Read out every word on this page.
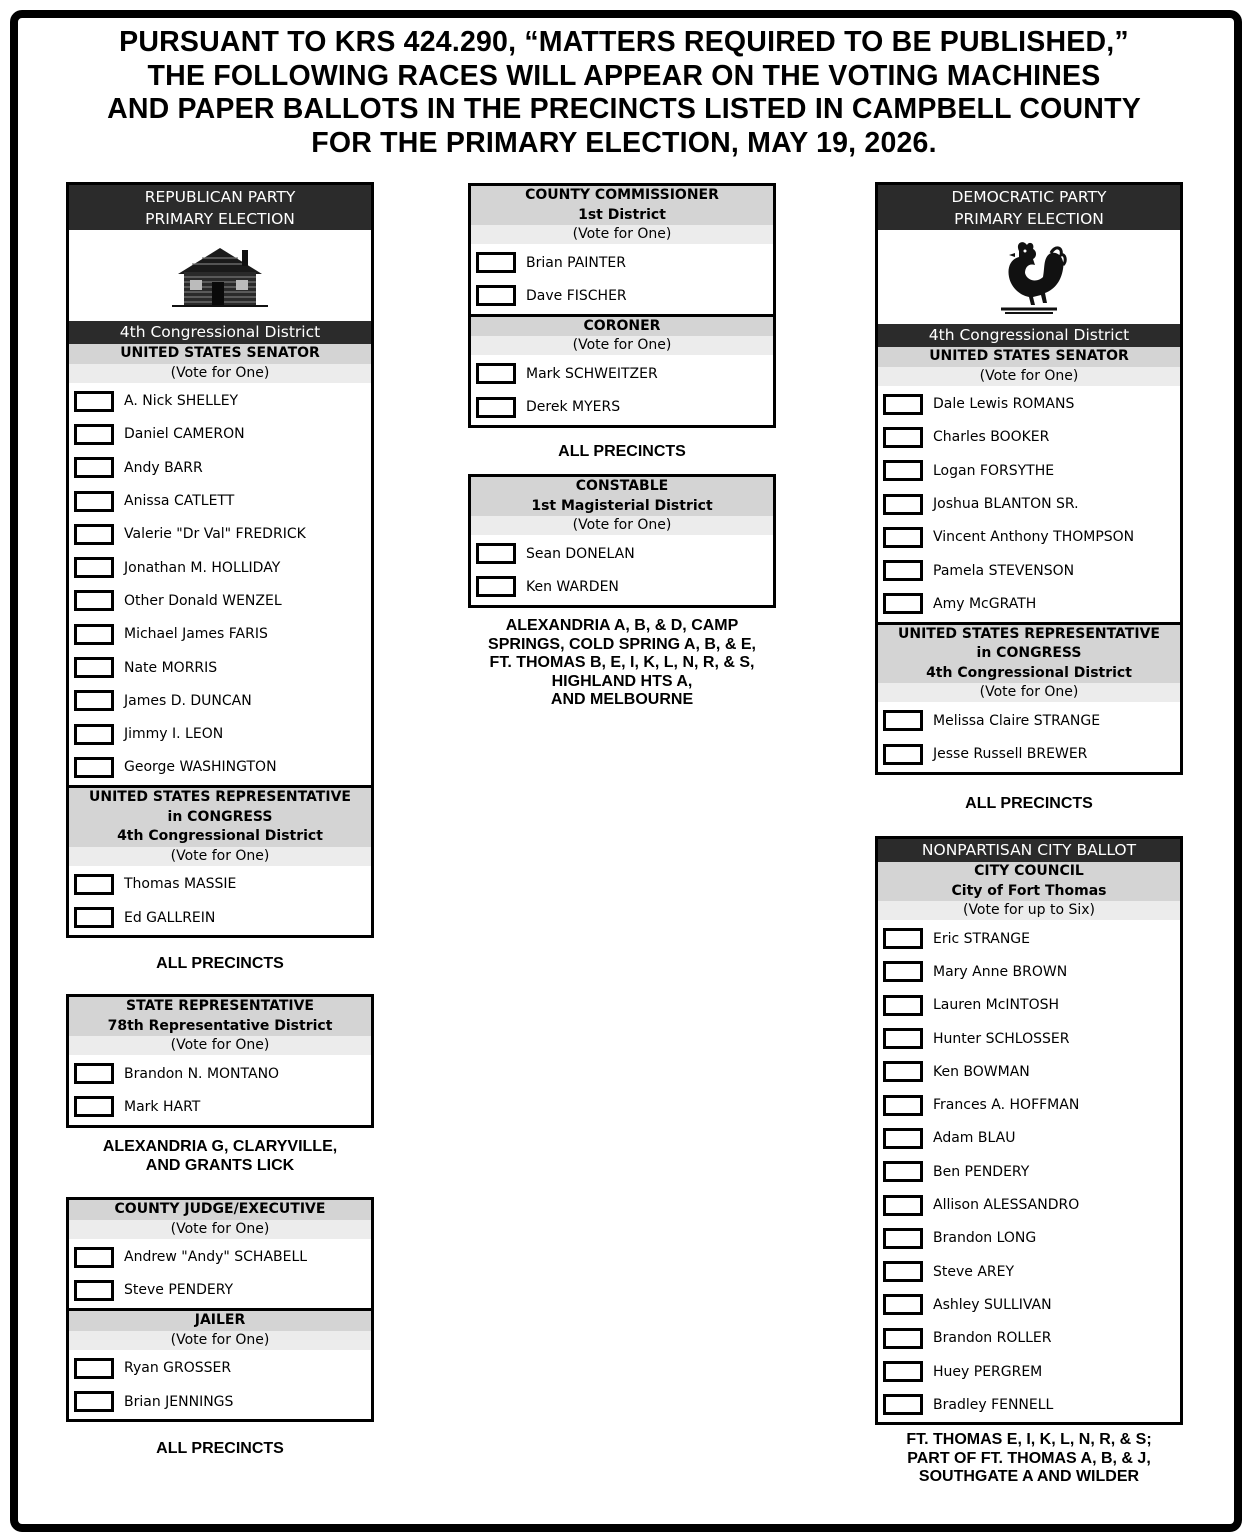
PURSUANT TO KRS 424.290, “MATTERS REQUIRED TO BE PUBLISHED,”
THE FOLLOWING RACES WILL APPEAR ON THE VOTING MACHINES
AND PAPER BALLOTS IN THE PRECINCTS LISTED IN CAMPBELL COUNTY
FOR THE PRIMARY ELECTION, MAY 19, 2026.
REPUBLICAN PARTY
PRIMARY ELECTION
4th Congressional District
UNITED STATES SENATOR
(Vote for One)
A. Nick SHELLEY
Daniel CAMERON
Andy BARR
Anissa CATLETT
Valerie "Dr Val" FREDRICK
Jonathan M. HOLLIDAY
Other Donald WENZEL
Michael James FARIS
Nate MORRIS
James D. DUNCAN
Jimmy I. LEON
George WASHINGTON
UNITED STATES REPRESENTATIVE
in CONGRESS
4th Congressional District
(Vote for One)
Thomas MASSIE
Ed GALLREIN
ALL PRECINCTS
STATE REPRESENTATIVE
78th Representative District
(Vote for One)
Brandon N. MONTANO
Mark HART
ALEXANDRIA G, CLARYVILLE,
AND GRANTS LICK
COUNTY JUDGE/EXECUTIVE
(Vote for One)
Andrew "Andy" SCHABELL
Steve PENDERY
JAILER
(Vote for One)
Ryan GROSSER
Brian JENNINGS
ALL PRECINCTS
COUNTY COMMISSIONER
1st District
(Vote for One)
Brian PAINTER
Dave FISCHER
CORONER
(Vote for One)
Mark SCHWEITZER
Derek MYERS
ALL PRECINCTS
CONSTABLE
1st Magisterial District
(Vote for One)
Sean DONELAN
Ken WARDEN
ALEXANDRIA A, B, & D, CAMP
SPRINGS, COLD SPRING A, B, & E,
FT. THOMAS B, E, I, K, L, N, R, & S,
HIGHLAND HTS A,
AND MELBOURNE
DEMOCRATIC PARTY
PRIMARY ELECTION
4th Congressional District
UNITED STATES SENATOR
(Vote for One)
Dale Lewis ROMANS
Charles BOOKER
Logan FORSYTHE
Joshua BLANTON SR.
Vincent Anthony THOMPSON
Pamela STEVENSON
Amy McGRATH
UNITED STATES REPRESENTATIVE
in CONGRESS
4th Congressional District
(Vote for One)
Melissa Claire STRANGE
Jesse Russell BREWER
ALL PRECINCTS
NONPARTISAN CITY BALLOT
CITY COUNCIL
City of Fort Thomas
(Vote for up to Six)
Eric STRANGE
Mary Anne BROWN
Lauren McINTOSH
Hunter SCHLOSSER
Ken BOWMAN
Frances A. HOFFMAN
Adam BLAU
Ben PENDERY
Allison ALESSANDRO
Brandon LONG
Steve AREY
Ashley SULLIVAN
Brandon ROLLER
Huey PERGREM
Bradley FENNELL
FT. THOMAS E, I, K, L, N, R, & S;
PART OF FT. THOMAS A, B, & J,
SOUTHGATE A AND WILDER
